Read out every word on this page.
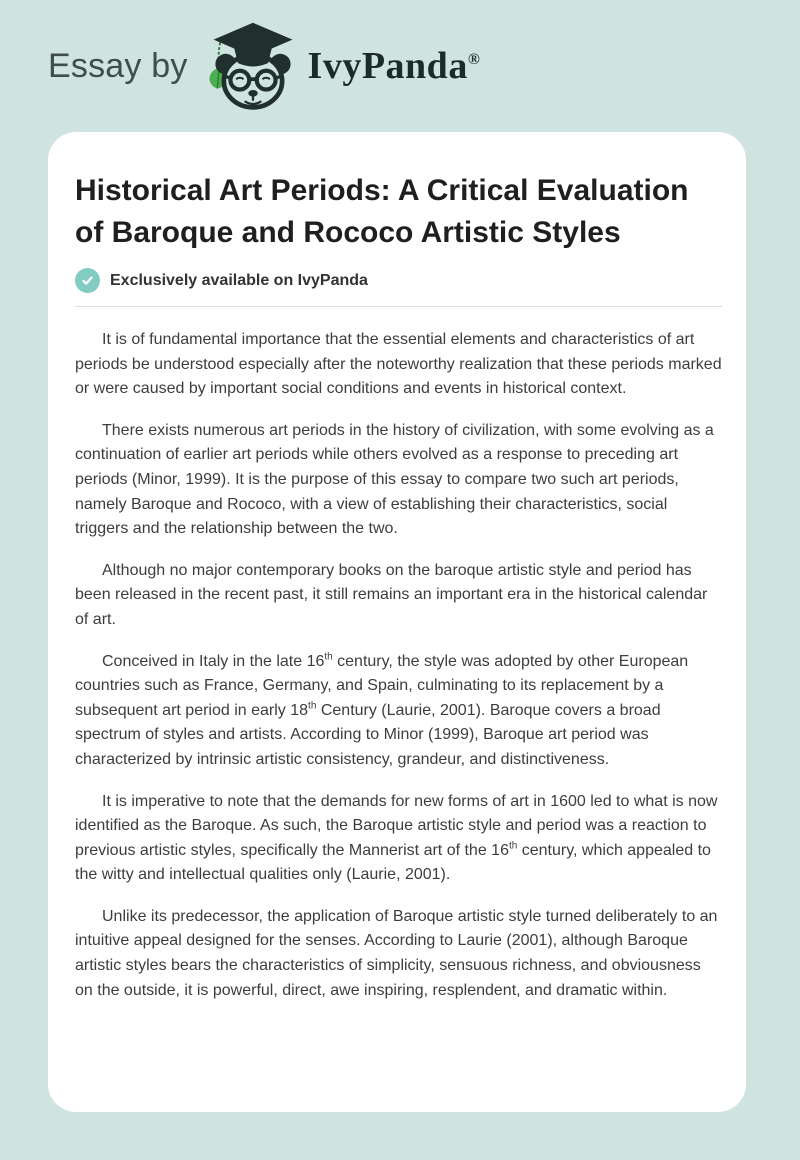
Essay by	IvyPanda®
Historical Art Periods: A Critical Evaluation of Baroque and Rococo Artistic Styles
Exclusively available on IvyPanda

It is of fundamental importance that the essential elements and characteristics of art periods be understood especially after the noteworthy realization that these periods marked or were caused by important social conditions and events in historical context.

There exists numerous art periods in the history of civilization, with some evolving as a continuation of earlier art periods while others evolved as a response to preceding art periods (Minor, 1999). It is the purpose of this essay to compare two such art periods, namely Baroque and Rococo, with a view of establishing their characteristics, social triggers and the relationship between the two.

Although no major contemporary books on the baroque artistic style and period has been released in the recent past, it still remains an important era in the historical calendar of art.

Conceived in Italy in the late 16th century, the style was adopted by other European countries such as France, Germany, and Spain, culminating to its replacement by a subsequent art period in early 18th Century (Laurie, 2001). Baroque covers a broad spectrum of styles and artists. According to Minor (1999), Baroque art period was characterized by intrinsic artistic consistency, grandeur, and distinctiveness.

It is imperative to note that the demands for new forms of art in 1600 led to what is now identified as the Baroque. As such, the Baroque artistic style and period was a reaction to previous artistic styles, specifically the Mannerist art of the 16th century, which appealed to the witty and intellectual qualities only (Laurie, 2001).

Unlike its predecessor, the application of Baroque artistic style turned deliberately to an intuitive appeal designed for the senses. According to Laurie (2001), although Baroque artistic styles bears the characteristics of simplicity, sensuous richness, and obviousness on the outside, it is powerful, direct, awe inspiring, resplendent, and dramatic within.
